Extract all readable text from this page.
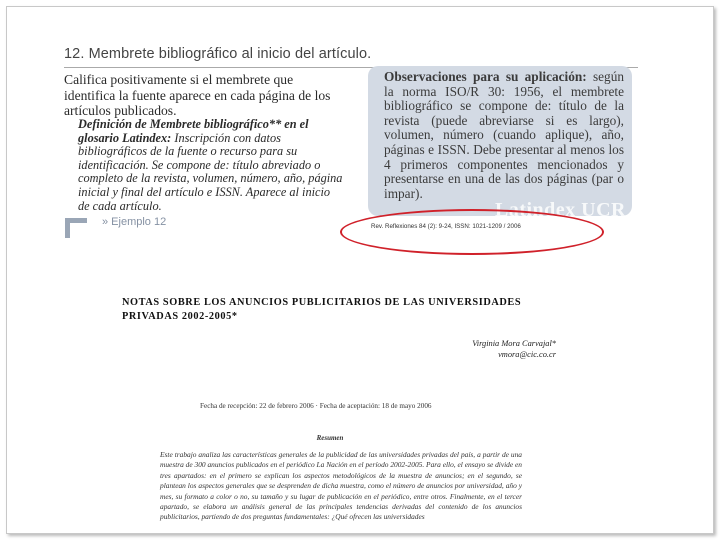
12. Membrete bibliográfico al inicio del artículo.
Califica positivamente si el membrete que identifica la fuente aparece en cada página de los artículos publicados.
Definición de Membrete bibliográfico** en el glosario Latindex: Inscripción con datos bibliográficos de la fuente o recurso para su identificación. Se compone de: título abreviado o completo de la revista, volumen, número, año, página inicial y final del artículo e ISSN. Aparece al inicio de cada artículo.
Observaciones para su aplicación: según la norma ISO/R 30: 1956, el membrete bibliográfico se compone de: título de la revista (puede abreviarse si es largo), volumen, número (cuando aplique), año, páginas e ISSN. Debe presentar al menos los 4 primeros componentes mencionados y presentarse en una de las dos páginas (par o impar).
Latindex UCR
» Ejemplo 12	Rev. Reflexiones 84 (2): 9-24, ISSN: 1021-1209 / 2006
NOTAS SOBRE LOS ANUNCIOS PUBLICITARIOS DE LAS UNIVERSIDADES PRIVADAS 2002-2005*
Virginia Mora Carvajal*
vmora@cic.co.cr
Fecha de recepción: 22 de febrero 2006 · Fecha de aceptación: 18 de mayo 2006
Resumen
Este trabajo analiza las características generales de la publicidad de las universidades privadas del país, a partir de una muestra de 300 anuncios publicados en el periódico La Nación en el período 2002-2005. Para ello, el ensayo se divide en tres apartados: en el primero se explican los aspectos metodológicos de la muestra de anuncios; en el segundo, se plantean los aspectos generales que se desprenden de dicha muestra, como el número de anuncios por universidad, año y mes, su formato a color o no, su tamaño y su lugar de publicación en el periódico, entre otros. Finalmente, en el tercer apartado, se elabora un análisis general de las principales tendencias derivadas del contenido de los anuncios publicitarios, partiendo de dos preguntas fundamentales: ¿Qué ofrecen las universidades
